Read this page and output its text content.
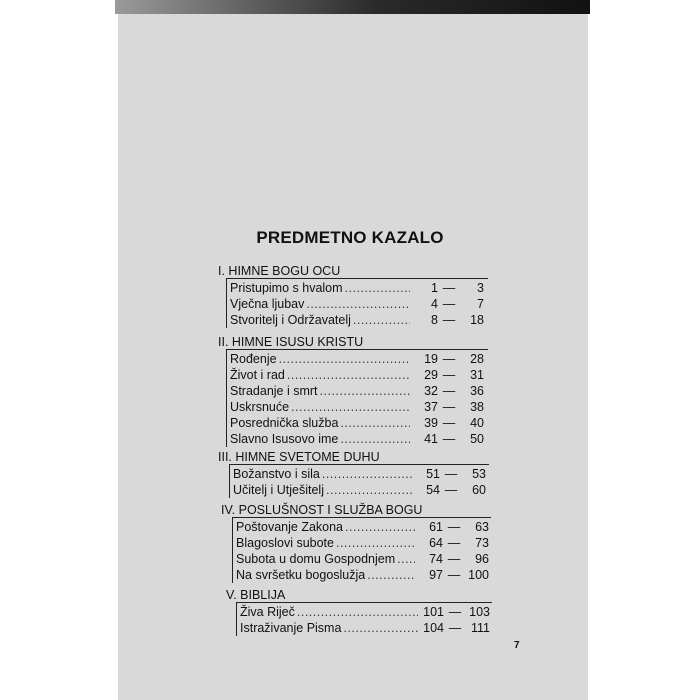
PREDMETNO KAZALO
I. HIMNE BOGU OCU
Pristupimo s hvalom .....	1 — 3
Vječna ljubav .....	4 — 7
Stvoritelj i Održavatelj .....	8 — 18
II. HIMNE ISUSU KRISTU
Rođenje .....	19 — 28
Život i rad .....	29 — 31
Stradanje i smrt .....	32 — 36
Uskrsnuće .....	37 — 38
Posrednička služba .....	39 — 40
Slavno Isusovo ime .....	41 — 50
III. HIMNE SVETOME DUHU
Božanstvo i sila .....	51 — 53
Učitelj i Utješitelj .....	54 — 60
IV. POSLUŠNOST I SLUŽBA BOGU
Poštovanje Zakona .....	61 — 63
Blagoslovi subote .....	64 — 73
Subota u domu Gospodnjem .....	74 — 96
Na svršetku bogoslužja .....	97 — 100
V. BIBLIJA
Živa Riječ .....	101 — 103
Istraživanje Pisma .....	104 — 111
7
